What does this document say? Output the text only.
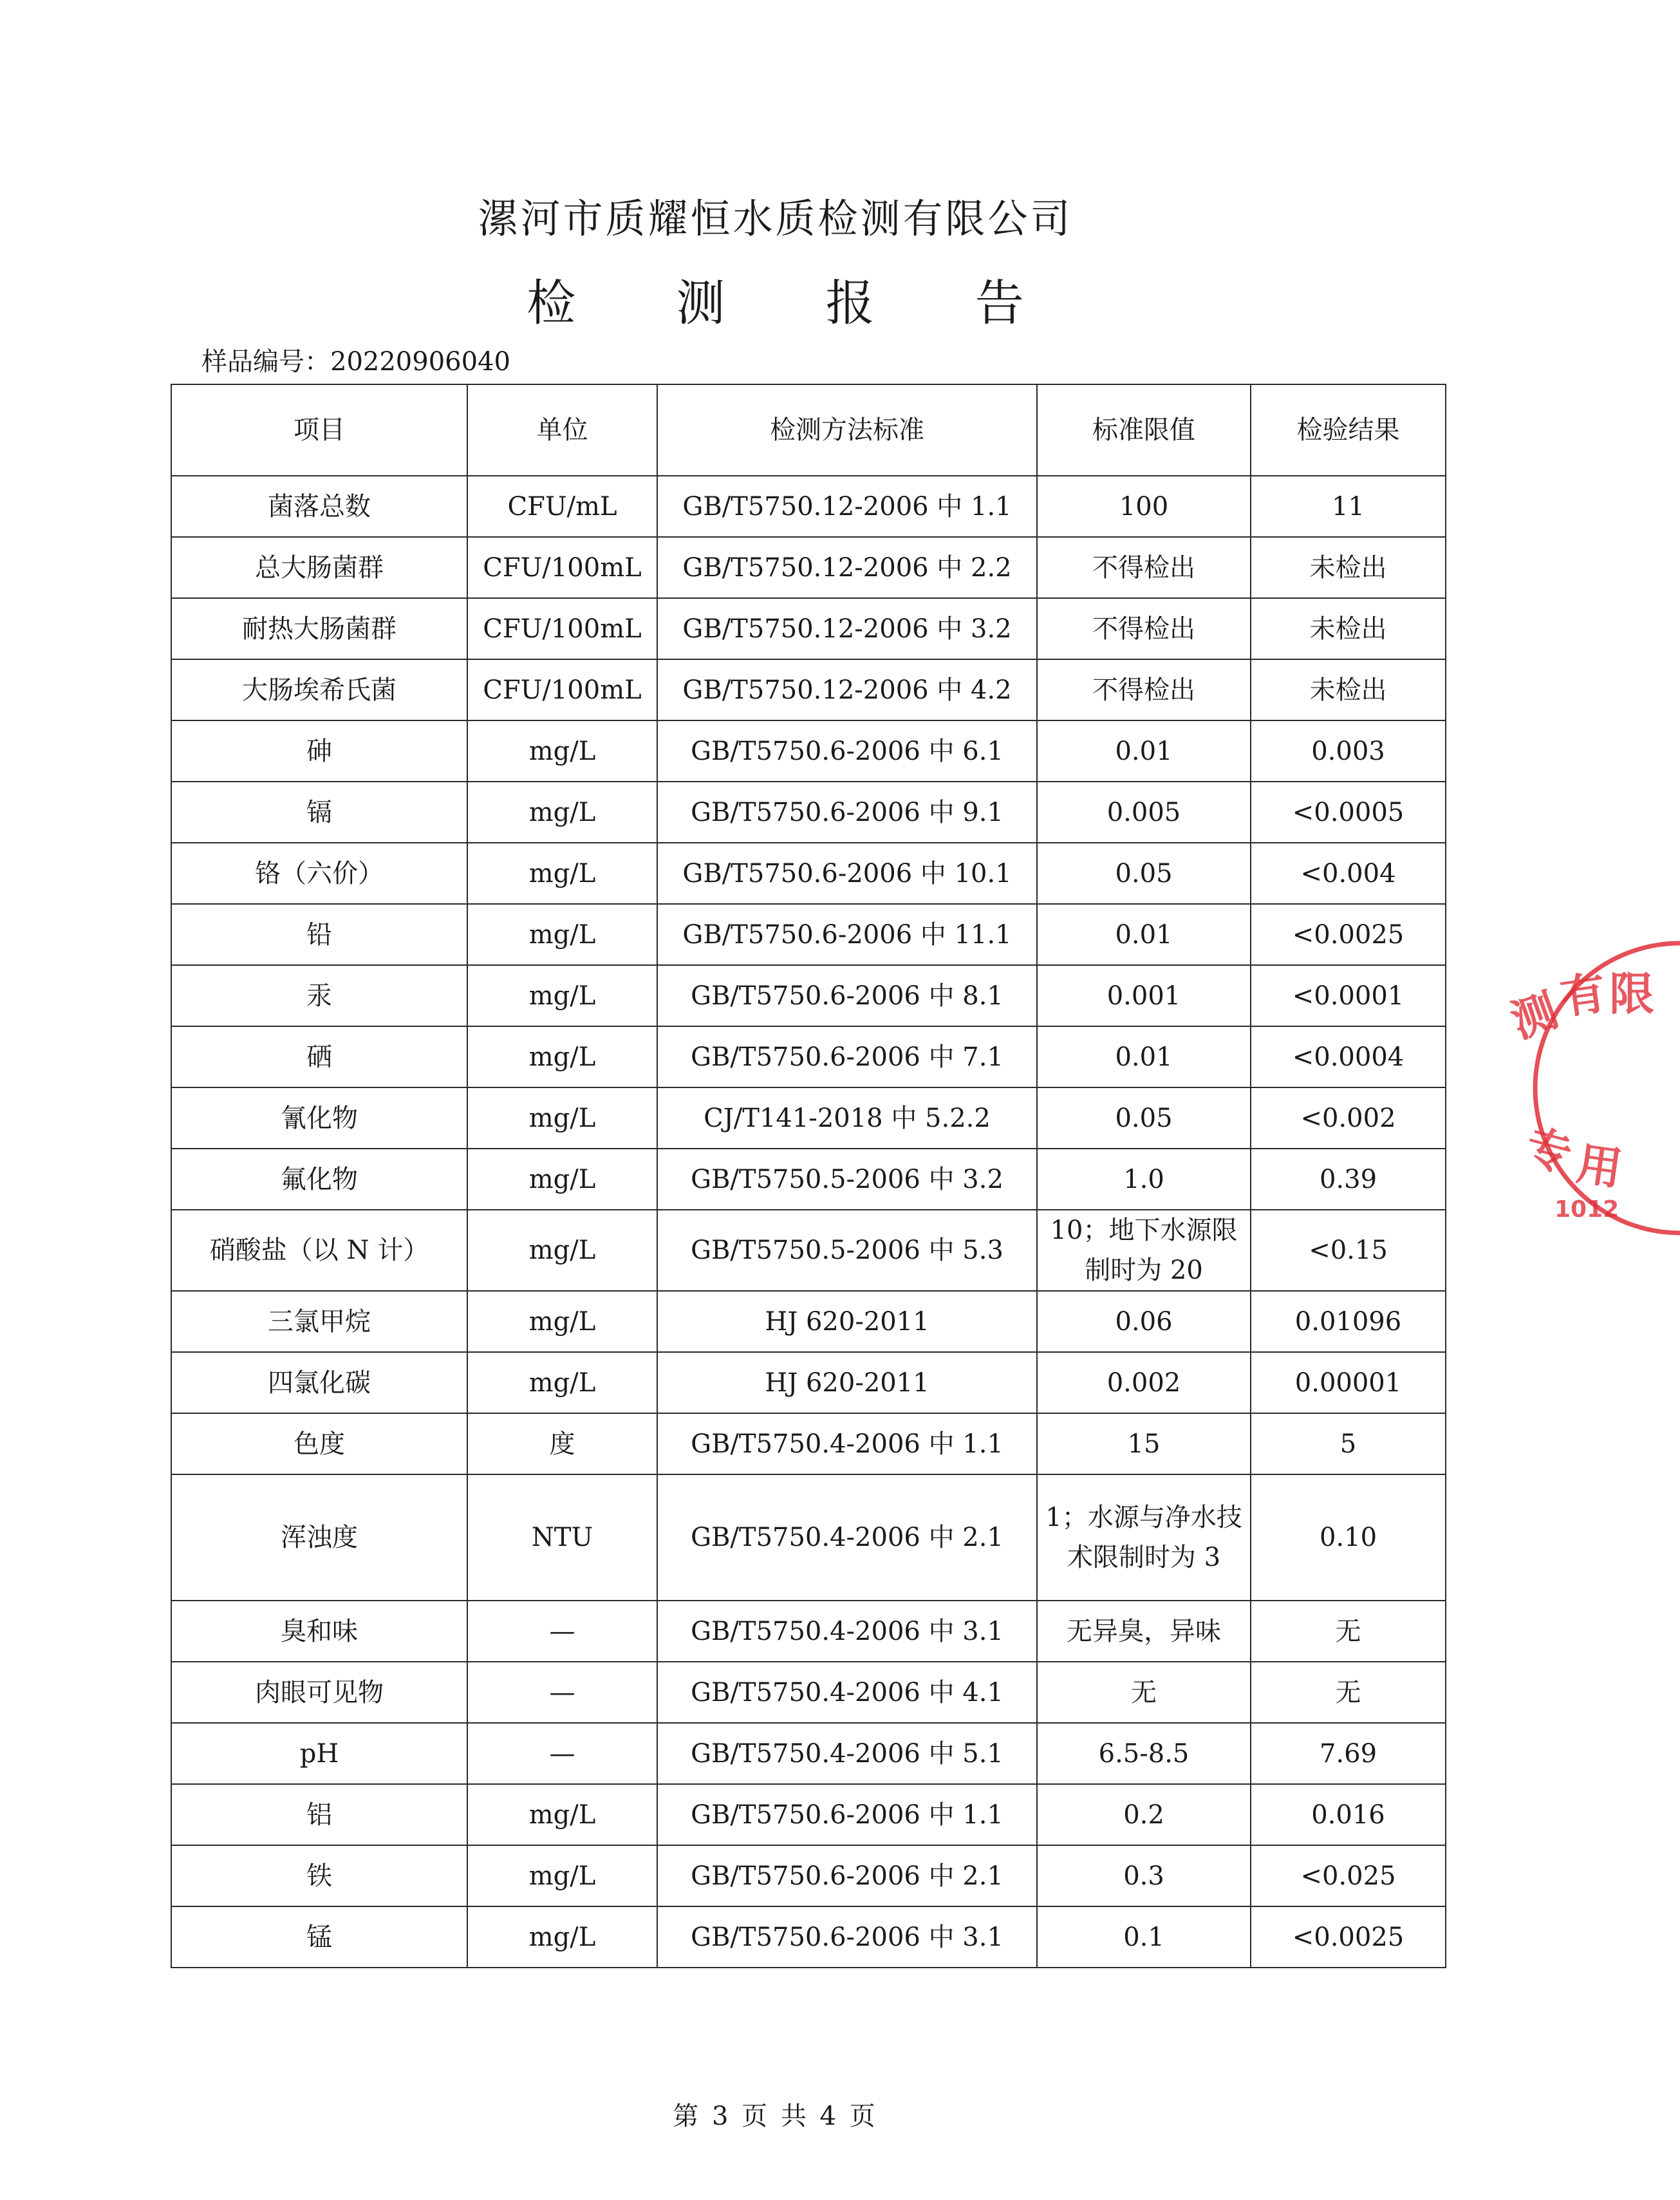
漯河市质耀恒水质检测有限公司
检 测 报 告
样品编号：20220906040
项目	单位	检测方法标准	标准限值	检验结果
菌落总数	CFU/mL	GB/T5750.12-2006 中 1.1	100	11
总大肠菌群	CFU/100mL	GB/T5750.12-2006 中 2.2	不得检出	未检出
耐热大肠菌群	CFU/100mL	GB/T5750.12-2006 中 3.2	不得检出	未检出
大肠埃希氏菌	CFU/100mL	GB/T5750.12-2006 中 4.2	不得检出	未检出
砷	mg/L	GB/T5750.6-2006 中 6.1	0.01	0.003
镉	mg/L	GB/T5750.6-2006 中 9.1	0.005	<0.0005
铬（六价）	mg/L	GB/T5750.6-2006 中 10.1	0.05	<0.004
铅	mg/L	GB/T5750.6-2006 中 11.1	0.01	<0.0025
汞	mg/L	GB/T5750.6-2006 中 8.1	0.001	<0.0001
硒	mg/L	GB/T5750.6-2006 中 7.1	0.01	<0.0004
氰化物	mg/L	CJ/T141-2018 中 5.2.2	0.05	<0.002
氟化物	mg/L	GB/T5750.5-2006 中 3.2	1.0	0.39
硝酸盐（以 N 计）	mg/L	GB/T5750.5-2006 中 5.3	10；地下水源限制时为 20	<0.15
三氯甲烷	mg/L	HJ 620-2011	0.06	0.01096
四氯化碳	mg/L	HJ 620-2011	0.002	0.00001
色度	度	GB/T5750.4-2006 中 1.1	15	5
浑浊度	NTU	GB/T5750.4-2006 中 2.1	1；水源与净水技术限制时为 3	0.10
臭和味	—	GB/T5750.4-2006 中 3.1	无异臭，异味	无
肉眼可见物	—	GB/T5750.4-2006 中 4.1	无	无
pH	—	GB/T5750.4-2006 中 5.1	6.5-8.5	7.69
铝	mg/L	GB/T5750.6-2006 中 1.1	0.2	0.016
铁	mg/L	GB/T5750.6-2006 中 2.1	0.3	<0.025
锰	mg/L	GB/T5750.6-2006 中 3.1	0.1	<0.0025
第 3 页 共 4 页
测
有 限
专
用
1012
